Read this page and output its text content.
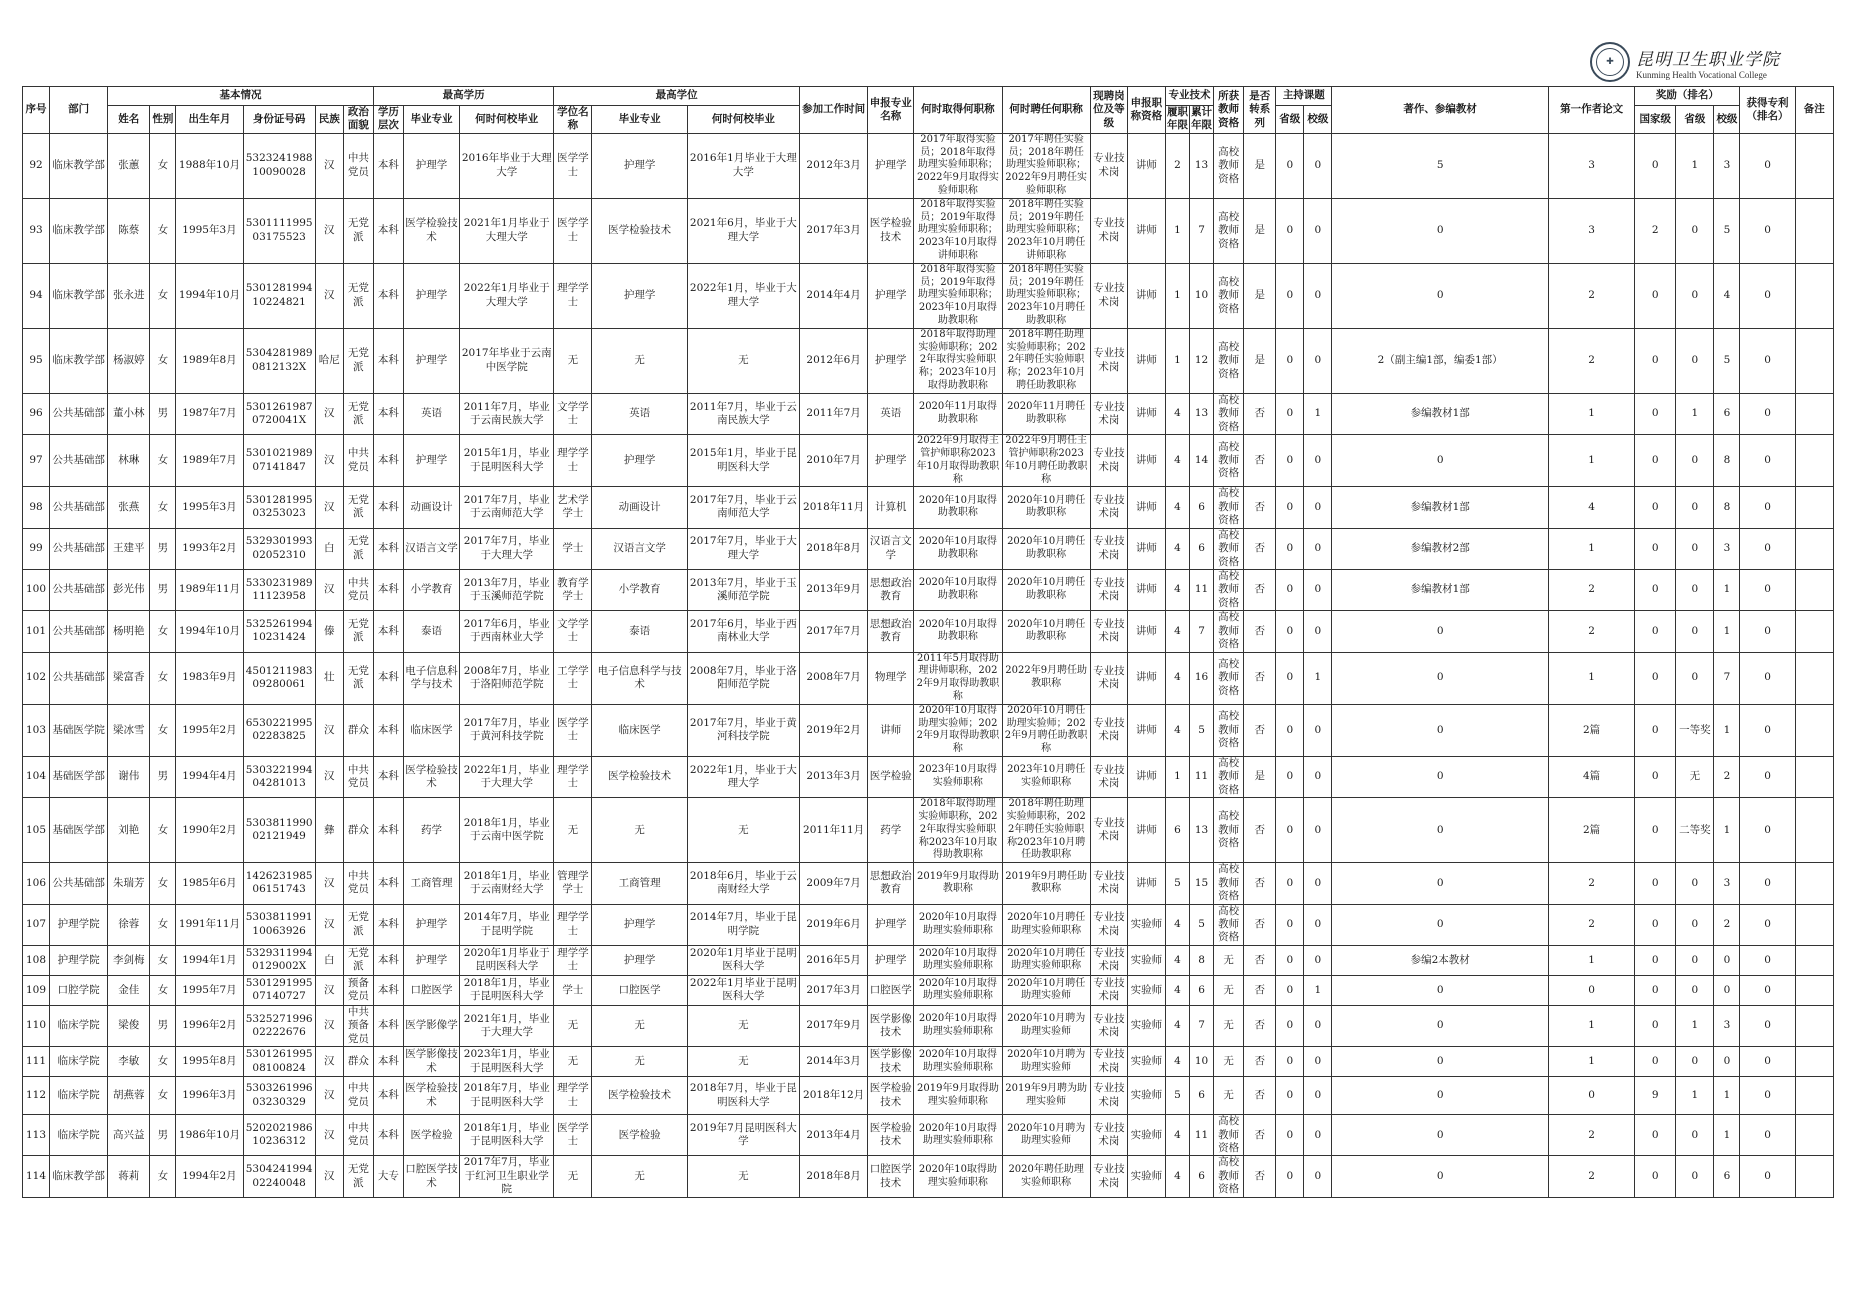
✚	昆明卫生职业学院
Kunming Health Vocational College
序号	部门	基本情况						最高学历			最高学位			参加工作时间	申报专业名称	何时取得何职称	何时聘任何职称	现聘岗位及等级	申报职称资格	专业技术		所获教师资格	是否转系列	主持课题		著作、参编教材	第一作者论文	奖励（排名）			获得专利（排名）	备注
		姓名	性别	出生年月	身份证号码	民族	政治面貌	学历层次	毕业专业	何时何校毕业	学位名称	毕业专业	何时何校毕业							履职年限	累计年限			省级	校级			国家级	省级	校级		
92	临床教学部	张蕙	女	1988年10月	532324198810090028	汉	中共党员	本科	护理学	2016年毕业于大理大学	医学学士	护理学	2016年1月毕业于大理大学	2012年3月	护理学	2017年取得实验员；2018年取得助理实验师职称；2022年9月取得实验师职称	2017年聘任实验员；2018年聘任助理实验师职称；2022年9月聘任实验师职称	专业技术岗	讲师	2	13	高校教师资格	是	0	0	5	3	0	1	3	0	
93	临床教学部	陈蔡	女	1995年3月	530111199503175523	汉	无党派	本科	医学检验技术	2021年1月毕业于大理大学	医学学士	医学检验技术	2021年6月，毕业于大理大学	2017年3月	医学检验技术	2018年取得实验员；2019年取得助理实验师职称；2023年10月取得讲师职称	2018年聘任实验员；2019年聘任助理实验师职称；2023年10月聘任讲师职称	专业技术岗	讲师	1	7	高校教师资格	是	0	0	0	3	2	0	5	0	
94	临床教学部	张永进	女	1994年10月	530128199410224821	汉	无党派	本科	护理学	2022年1月毕业于大理大学	理学学士	护理学	2022年1月，毕业于大理大学	2014年4月	护理学	2018年取得实验员；2019年取得助理实验师职称；2023年10月取得助教职称	2018年聘任实验员；2019年聘任助理实验师职称；2023年10月聘任助教职称	专业技术岗	讲师	1	10	高校教师资格	是	0	0	0	2	0	0	4	0	
95	临床教学部	杨淑婷	女	1989年8月	53042819890812132X	哈尼	无党派	本科	护理学	2017年毕业于云南中医学院	无	无	无	2012年6月	护理学	2018年取得助理实验师职称；2022年取得实验师职称；2023年10月取得助教职称	2018年聘任助理实验师职称；2022年聘任实验师职称；2023年10月聘任助教职称	专业技术岗	讲师	1	12	高校教师资格	是	0	0	2（副主编1部，编委1部）	2	0	0	5	0	
96	公共基础部	董小林	男	1987年7月	53012619870720041X	汉	无党派	本科	英语	2011年7月，毕业于云南民族大学	文学学士	英语	2011年7月，毕业于云南民族大学	2011年7月	英语	2020年11月取得助教职称	2020年11月聘任助教职称	专业技术岗	讲师	4	13	高校教师资格	否	0	1	参编教材1部	1	0	1	6	0	
97	公共基础部	林琳	女	1989年7月	530102198907141847	汉	中共党员	本科	护理学	2015年1月，毕业于昆明医科大学	理学学士	护理学	2015年1月，毕业于昆明医科大学	2010年7月	护理学	2022年9月取得主管护师职称2023年10月取得助教职称	2022年9月聘任主管护师职称2023年10月聘任助教职称	专业技术岗	讲师	4	14	高校教师资格	否	0	0	0	1	0	0	8	0	
98	公共基础部	张燕	女	1995年3月	530128199503253023	汉	无党派	本科	动画设计	2017年7月，毕业于云南师范大学	艺术学学士	动画设计	2017年7月，毕业于云南师范大学	2018年11月	计算机	2020年10月取得助教职称	2020年10月聘任助教职称	专业技术岗	讲师	4	6	高校教师资格	否	0	0	参编教材1部	4	0	0	8	0	
99	公共基础部	王建平	男	1993年2月	532930199302052310	白	无党派	本科	汉语言文学	2017年7月，毕业于大理大学	学士	汉语言文学	2017年7月，毕业于大理大学	2018年8月	汉语言文学	2020年10月取得助教职称	2020年10月聘任助教职称	专业技术岗	讲师	4	6	高校教师资格	否	0	0	参编教材2部	1	0	0	3	0	
100	公共基础部	彭光伟	男	1989年11月	533023198911123958	汉	中共党员	本科	小学教育	2013年7月，毕业于玉溪师范学院	教育学学士	小学教育	2013年7月，毕业于玉溪师范学院	2013年9月	思想政治教育	2020年10月取得助教职称	2020年10月聘任助教职称	专业技术岗	讲师	4	11	高校教师资格	否	0	0	参编教材1部	2	0	0	1	0	
101	公共基础部	杨明艳	女	1994年10月	532526199410231424	傣	无党派	本科	泰语	2017年6月，毕业于西南林业大学	文学学士	泰语	2017年6月，毕业于西南林业大学	2017年7月	思想政治教育	2020年10月取得助教职称	2020年10月聘任助教职称	专业技术岗	讲师	4	7	高校教师资格	否	0	0	0	2	0	0	1	0	
102	公共基础部	梁富香	女	1983年9月	450121198309280061	壮	无党派	本科	电子信息科学与技术	2008年7月，毕业于洛阳师范学院	工学学士	电子信息科学与技术	2008年7月，毕业于洛阳师范学院	2008年7月	物理学	2011年5月取得助理讲师职称，2022年9月取得助教职称	2022年9月聘任助教职称	专业技术岗	讲师	4	16	高校教师资格	否	0	1	0	1	0	0	7	0	
103	基础医学院	梁冰雪	女	1995年2月	653022199502283825	汉	群众	本科	临床医学	2017年7月，毕业于黄河科技学院	医学学士	临床医学	2017年7月，毕业于黄河科技学院	2019年2月	讲师	2020年10月取得助理实验师；2022年9月取得助教职称	2020年10月聘任助理实验师；2022年9月聘任助教职称	专业技术岗	讲师	4	5	高校教师资格	否	0	0	0	2篇	0	一等奖	1	0	
104	基础医学部	谢伟	男	1994年4月	530322199404281013	汉	中共党员	本科	医学检验技术	2022年1月，毕业于大理大学	理学学士	医学检验技术	2022年1月，毕业于大理大学	2013年3月	医学检验	2023年10月取得实验师职称	2023年10月聘任实验师职称	专业技术岗	讲师	1	11	高校教师资格	是	0	0	0	4篇	0	无	2	0	
105	基础医学部	刘艳	女	1990年2月	530381199002121949	彝	群众	本科	药学	2018年1月，毕业于云南中医学院	无	无	无	2011年11月	药学	2018年取得助理实验师职称，2022年取得实验师职称2023年10月取得助教职称	2018年聘任助理实验师职称，2022年聘任实验师职称2023年10月聘任助教职称	专业技术岗	讲师	6	13	高校教师资格	否	0	0	0	2篇	0	二等奖	1	0	
106	公共基础部	朱瑞芳	女	1985年6月	142623198506151743	汉	中共党员	本科	工商管理	2018年1月，毕业于云南财经大学	管理学学士	工商管理	2018年6月，毕业于云南财经大学	2009年7月	思想政治教育	2019年9月取得助教职称	2019年9月聘任助教职称	专业技术岗	讲师	5	15	高校教师资格	否	0	0	0	2	0	0	3	0	
107	护理学院	徐蓉	女	1991年11月	530381199110063926	汉	无党派	本科	护理学	2014年7月，毕业于昆明学院	理学学士	护理学	2014年7月，毕业于昆明学院	2019年6月	护理学	2020年10月取得助理实验师职称	2020年10月聘任助理实验师职称	专业技术岗	实验师	4	5	高校教师资格	否	0	0	0	2	0	0	2	0	
108	护理学院	李剑梅	女	1994年1月	53293119940129002X	白	无党派	本科	护理学	2020年1月毕业于昆明医科大学	理学学士	护理学	2020年1月毕业于昆明医科大学	2016年5月	护理学	2020年10月取得助理实验师职称	2020年10月聘任助理实验师职称	专业技术岗	实验师	4	8	无	否	0	0	参编2本教材	1	0	0	0	0	
109	口腔学院	金佳	女	1995年7月	530129199507140727	汉	预备党员	本科	口腔医学	2018年1月，毕业于昆明医科大学	学士	口腔医学	2022年1月毕业于昆明医科大学	2017年3月	口腔医学	2020年10月取得助理实验师职称	2020年10月聘任助理实验师	专业技术岗	实验师	4	6	无	否	0	1	0	0	0	0	0	0	
110	临床学院	梁俊	男	1996年2月	532527199602222676	汉	中共预备党员	本科	医学影像学	2021年1月，毕业于大理大学	无	无	无	2017年9月	医学影像技术	2020年10月取得助理实验师职称	2020年10月聘为助理实验师	专业技术岗	实验师	4	7	无	否	0	0	0	1	0	1	3	0	
111	临床学院	李敏	女	1995年8月	530126199508100824	汉	群众	本科	医学影像技术	2023年1月，毕业于昆明医科大学	无	无	无	2014年3月	医学影像技术	2020年10月取得助理实验师职称	2020年10月聘为助理实验师	专业技术岗	实验师	4	10	无	否	0	0	0	1	0	0	0	0	
112	临床学院	胡燕蓉	女	1996年3月	530326199603230329	汉	中共党员	本科	医学检验技术	2018年7月，毕业于昆明医科大学	理学学士	医学检验技术	2018年7月，毕业于昆明医科大学	2018年12月	医学检验技术	2019年9月取得助理实验师职称	2019年9月聘为助理实验师	专业技术岗	实验师	5	6	无	否	0	0	0	0	9	1	1	0	
113	临床学院	高兴益	男	1986年10月	520202198610236312	汉	中共党员	本科	医学检验	2018年1月，毕业于昆明医科大学	医学学士	医学检验	2019年7月昆明医科大学	2013年4月	医学检验技术	2020年10月取得助理实验师职称	2020年10月聘为助理实验师	专业技术岗	实验师	4	11	高校教师资格	否	0	0	0	2	0	0	1	0	
114	临床教学部	蒋莉	女	1994年2月	530424199402240048	汉	无党派	大专	口腔医学技术	2017年7月，毕业于红河卫生职业学院	无	无	无	2018年8月	口腔医学技术	2020年10取得助理实验师职称	2020年聘任助理实验师职称	专业技术岗	实验师	4	6	高校教师资格	否	0	0	0	2	0	0	6	0	
